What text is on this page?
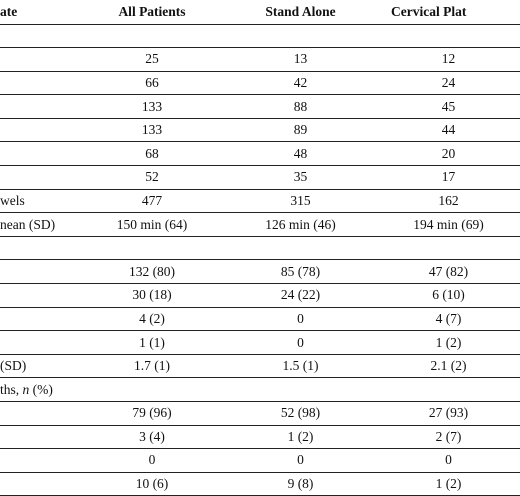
ate	All Patients	Stand Alone	Cervical Plat

	25	13	12
	66	42	24
	133	88	45
	133	89	44
	68	48	20
	52	35	17
wels	477	315	162
nean (SD)	150 min (64)	126 min (46)	194 min (69)

	132 (80)	85 (78)	47 (82)
	30 (18)	24 (22)	6 (10)
	4 (2)	0	4 (7)
	1 (1)	0	1 (2)
(SD)	1.7 (1)	1.5 (1)	2.1 (2)
ths, n (%)			
	79 (96)	52 (98)	27 (93)
	3 (4)	1 (2)	2 (7)
	0	0	0
	10 (6)	9 (8)	1 (2)
